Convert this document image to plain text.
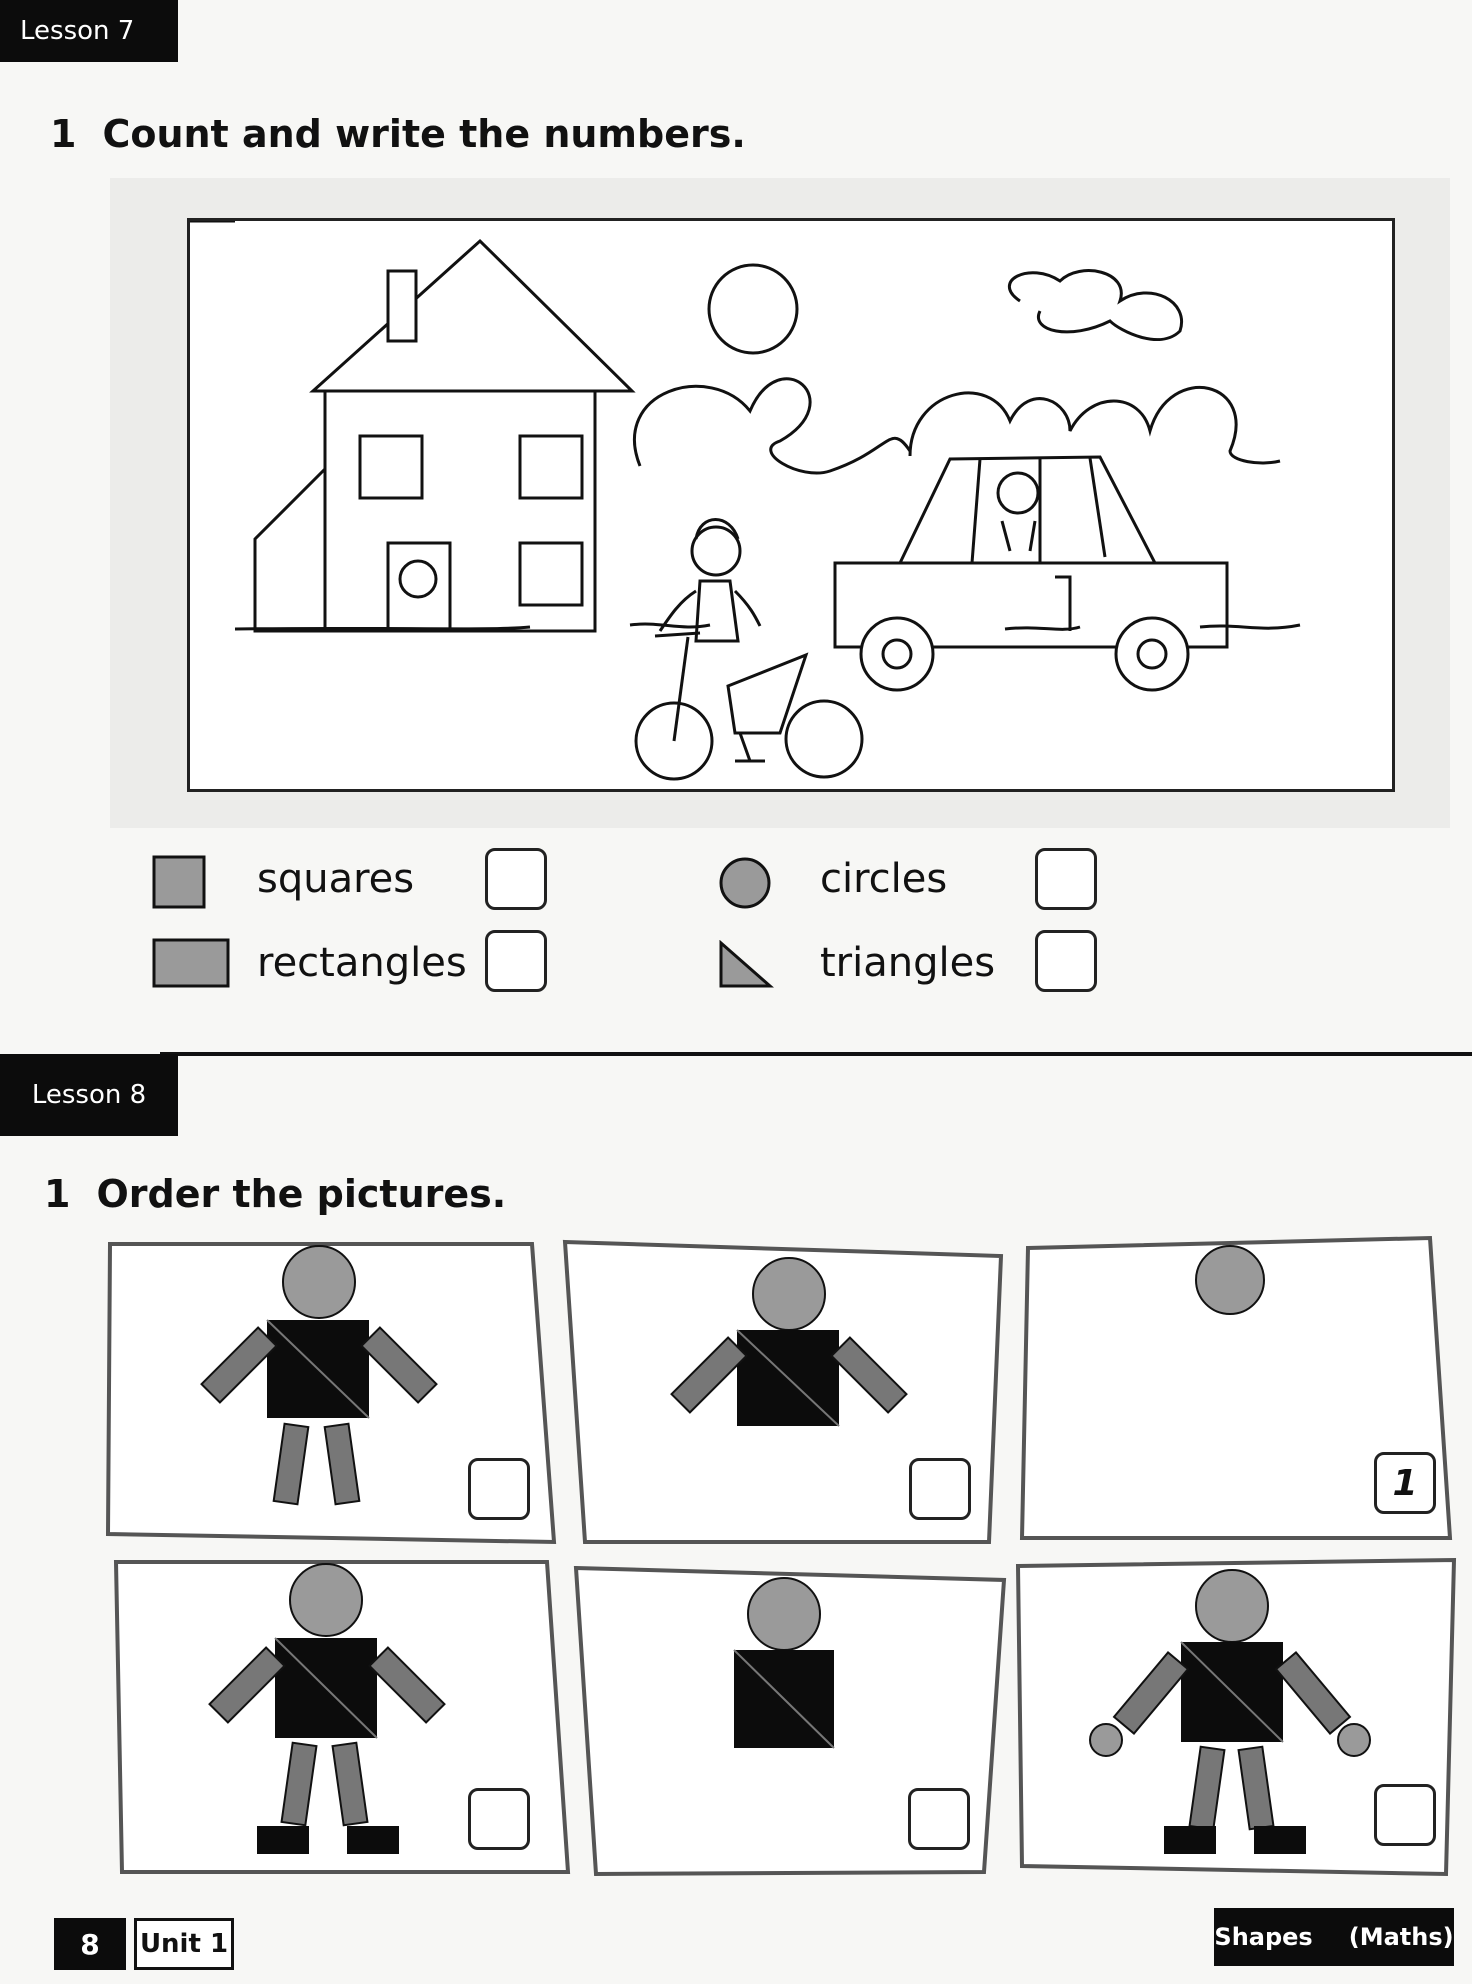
Lesson 7
1 Count and write the numbers.
squares
rectangles
circles
triangles
Lesson 8
1 Order the pictures.
1
8	Unit 1	Shapes (Maths)
